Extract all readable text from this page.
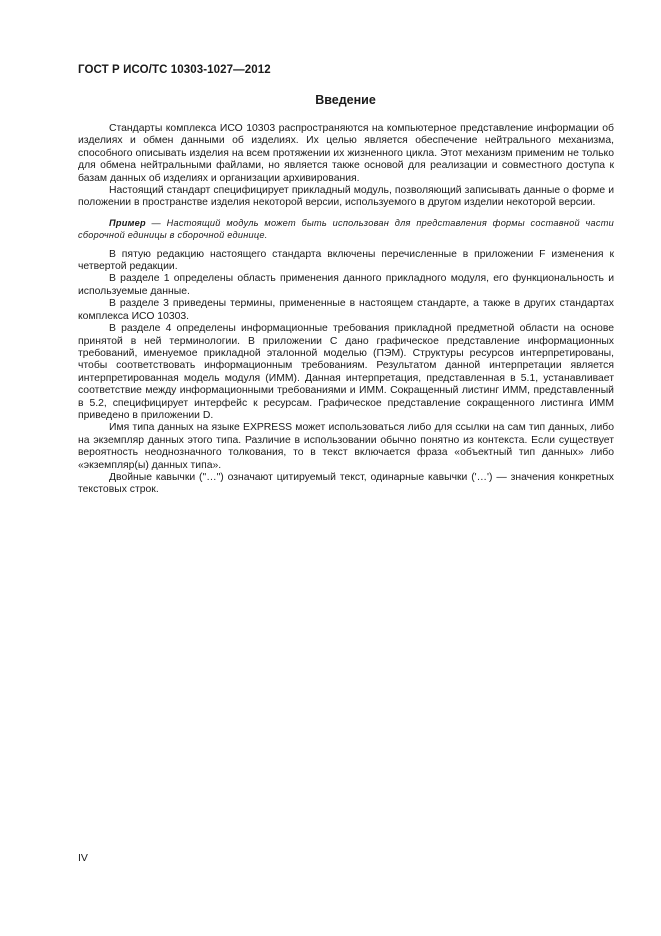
ГОСТ Р ИСО/ТС 10303-1027—2012
Введение

Стандарты комплекса ИСО 10303 распространяются на компьютерное представление информации об изделиях и обмен данными об изделиях. Их целью является обеспечение нейтрального механизма, способного описывать изделия на всем протяжении их жизненного цикла. Этот механизм применим не только для обмена нейтральными файлами, но является также основой для реализации и совместного доступа к базам данных об изделиях и организации архивирования.

Настоящий стандарт специфицирует прикладный модуль, позволяющий записывать данные о форме и положении в пространстве изделия некоторой версии, используемого в другом изделии некоторой версии.

Пример — Настоящий модуль может быть использован для представления формы составной части сборочной единицы в сборочной единице.

В пятую редакцию настоящего стандарта включены перечисленные в приложении F изменения к четвертой редакции.

В разделе 1 определены область применения данного прикладного модуля, его функциональность и используемые данные.

В разделе 3 приведены термины, примененные в настоящем стандарте, а также в других стандартах комплекса ИСО 10303.

В разделе 4 определены информационные требования прикладной предметной области на основе принятой в ней терминологии. В приложении С дано графическое представление информационных требований, именуемое прикладной эталонной моделью (ПЭМ). Структуры ресурсов интерпретированы, чтобы соответствовать информационным требованиям. Результатом данной интерпретации является интерпретированная модель модуля (ИММ). Данная интерпретация, представленная в 5.1, устанавливает соответствие между информационными требованиями и ИММ. Сокращенный листинг ИММ, представленный в 5.2, специфицирует интерфейс к ресурсам. Графическое представление сокращенного листинга ИММ приведено в приложении D.

Имя типа данных на языке EXPRESS может использоваться либо для ссылки на сам тип данных, либо на экземпляр данных этого типа. Различие в использовании обычно понятно из контекста. Если существует вероятность неоднозначного толкования, то в текст включается фраза «объектный тип данных» либо «экземпляр(ы) данных типа».

Двойные кавычки ("…") означают цитируемый текст, одинарные кавычки ('…') — значения конкретных текстовых строк.

IV
